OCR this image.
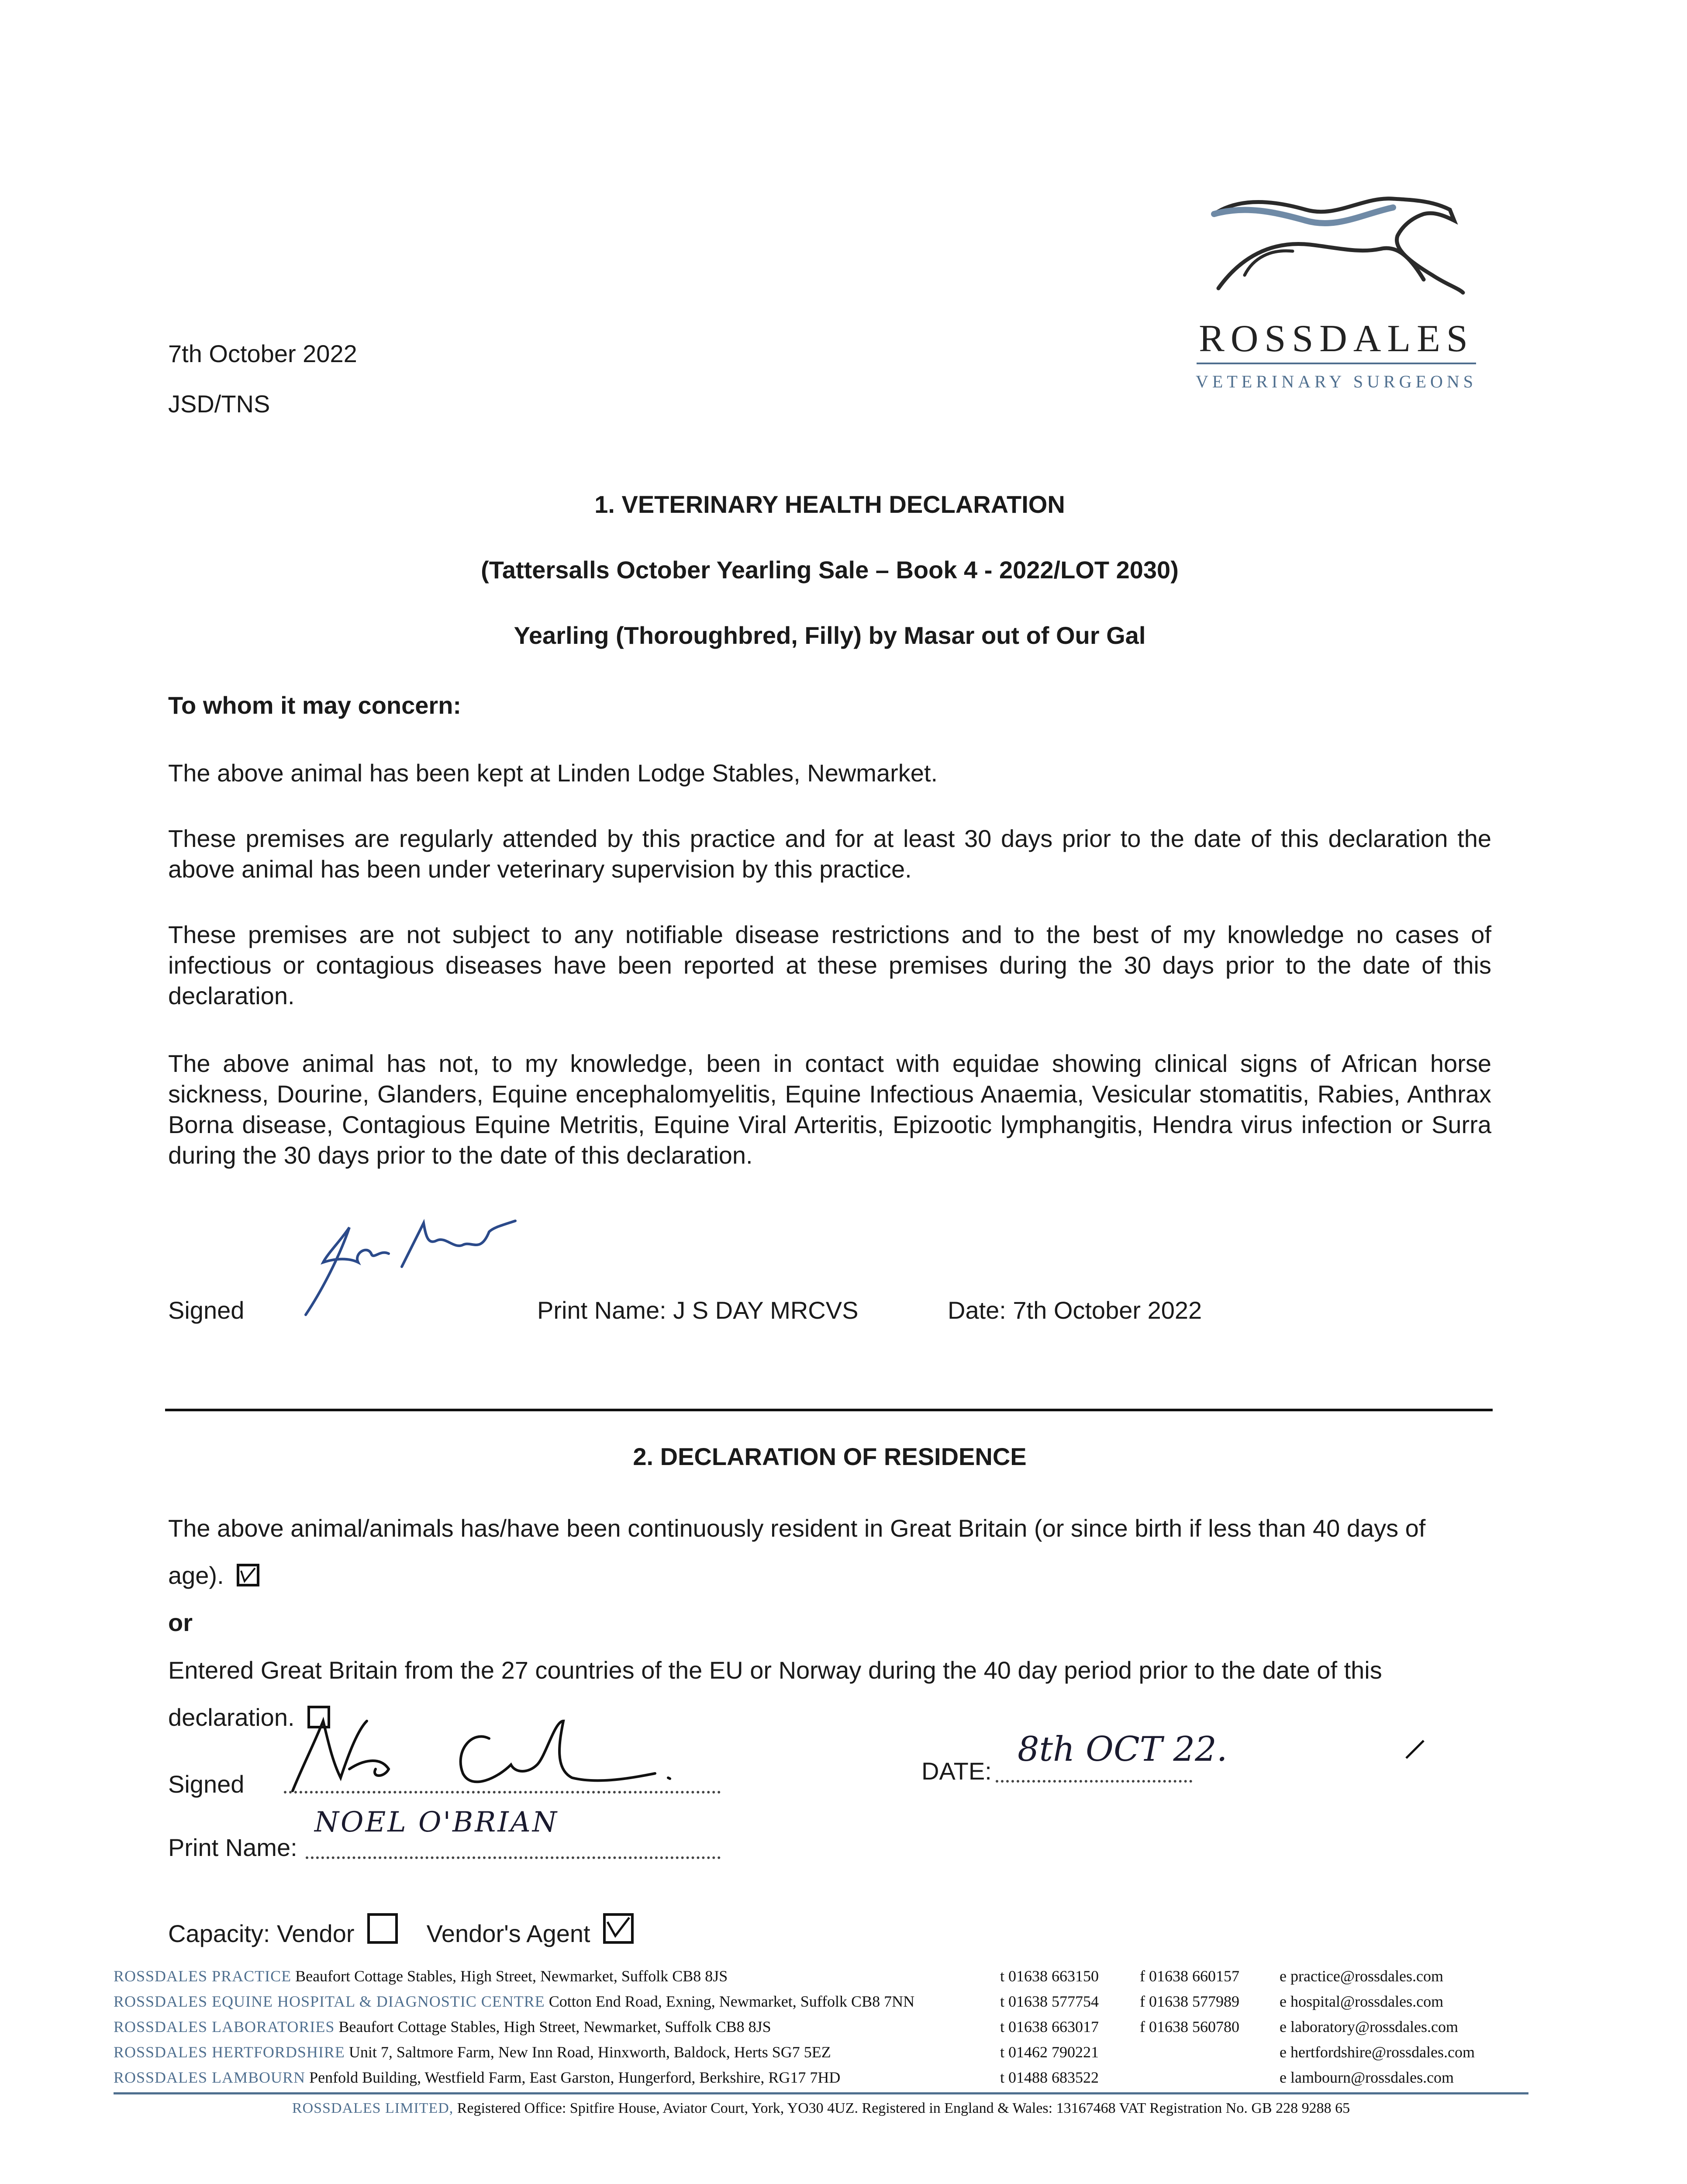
ROSSDALES
VETERINARY SURGEONS
7th October 2022
JSD/TNS
1. VETERINARY HEALTH DECLARATION
(Tattersalls October Yearling Sale – Book 4 - 2022/LOT 2030)
Yearling (Thoroughbred, Filly) by Masar out of Our Gal
To whom it may concern:
The above animal has been kept at Linden Lodge Stables, Newmarket.
These premises are regularly attended by this practice and for at least 30 days prior to the date of this declaration the above animal has been under veterinary supervision by this practice.
These premises are not subject to any notifiable disease restrictions and to the best of my knowledge no cases of infectious or contagious diseases have been reported at these premises during the 30 days prior to the date of this declaration.
The above animal has not, to my knowledge, been in contact with equidae showing clinical signs of African horse sickness, Dourine, Glanders, Equine encephalomyelitis, Equine Infectious Anaemia, Vesicular stomatitis, Rabies, Anthrax Borna disease, Contagious Equine Metritis, Equine Viral Arteritis, Epizootic lymphangitis, Hendra virus infection or Surra during the 30 days prior to the date of this declaration.
Signed	Print Name: J S DAY MRCVS	Date: 7th October 2022
2. DECLARATION OF RESIDENCE
The above animal/animals has/have been continuously resident in Great Britain (or since birth if less than 40 days of age).
or
Entered Great Britain from the 27 countries of the EU or Norway during the 40 day period prior to the date of this declaration.
Signed	DATE:
8th OCT 22.
Print Name:
NOEL O'BRIAN
Capacity: Vendor	Vendor's Agent
ROSSDALES PRACTICE Beaufort Cottage Stables, High Street, Newmarket, Suffolk CB8 8JS	t 01638 663150	f 01638 660157	e practice@rossdales.com
ROSSDALES EQUINE HOSPITAL & DIAGNOSTIC CENTRE Cotton End Road, Exning, Newmarket, Suffolk CB8 7NN	t 01638 577754	f 01638 577989	e hospital@rossdales.com
ROSSDALES LABORATORIES Beaufort Cottage Stables, High Street, Newmarket, Suffolk CB8 8JS	t 01638 663017	f 01638 560780	e laboratory@rossdales.com
ROSSDALES HERTFORDSHIRE Unit 7, Saltmore Farm, New Inn Road, Hinxworth, Baldock, Herts SG7 5EZ	t 01462 790221	e hertfordshire@rossdales.com
ROSSDALES LAMBOURN Penfold Building, Westfield Farm, East Garston, Hungerford, Berkshire, RG17 7HD	t 01488 683522	e lambourn@rossdales.com
ROSSDALES LIMITED, Registered Office: Spitfire House, Aviator Court, York, YO30 4UZ. Registered in England & Wales: 13167468 VAT Registration No. GB 228 9288 65
